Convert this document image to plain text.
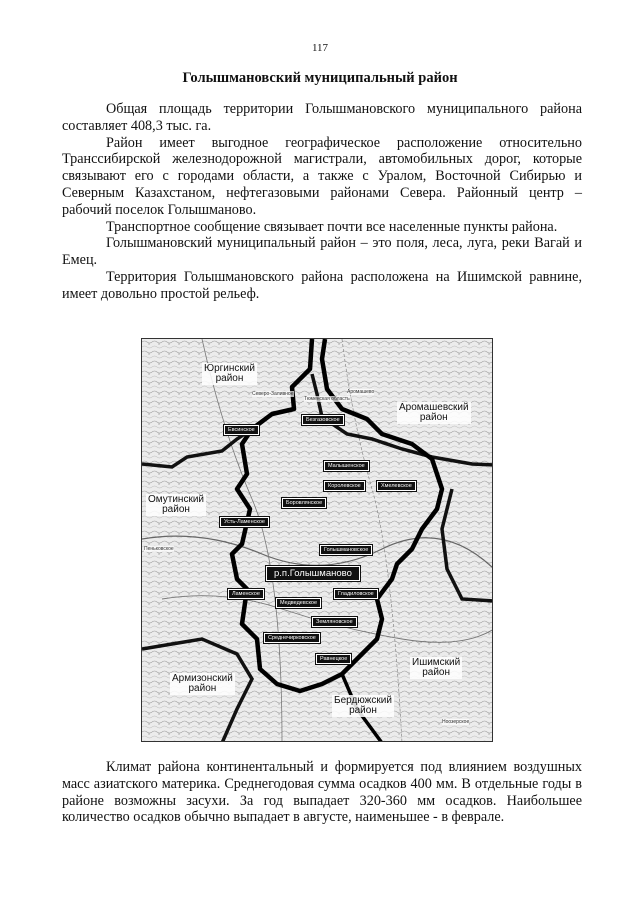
117
Голышмановский муниципальный район

Общая площадь территории Голышмановского муниципального района составляет 408,3 тыс. га.

Район имеет выгодное географическое расположение относительно Транссибирской железнодорожной магистрали, автомобильных дорог, которые связывают его с городами области, а также с Уралом, Восточной Сибирью и Северным Казахстаном, нефтегазовыми районами Севера. Районный центр – рабочий поселок Голышманово.

Транспортное сообщение связывает почти все населенные пункты района.

Голышмановский муниципальный район – это поля, леса, луга, реки Вагай и Емец.

Территория Голышмановского района расположена на Ишимской равнине, имеет довольно простой рельеф.

Юргинский
район
Аромашевский
район
Омутинский
район
Ишимский
район
Армизонский
район
Бердюжский
район
Северо-Заливное
Тюменская область
Аромашево
Пеньковское
Ноозерское
Евсинское
Безгазовское
Малышенское
Королевское	Хмелевское
Боровлянское
Усть-Ламенское
Голышмановское
р.п.Голышманово
Ламенское
Медведевское
Гладиловское
Земляновское
Среднечирковское
Равнецкое

Климат района континентальный и формируется под влиянием воздушных масс азиатского материка. Среднегодовая сумма осадков 400 мм. В отдельные годы в районе возможны засухи. За год выпадает 320-360 мм осадков. Наибольшее количество осадков обычно выпадает в августе, наименьшее - в феврале.
